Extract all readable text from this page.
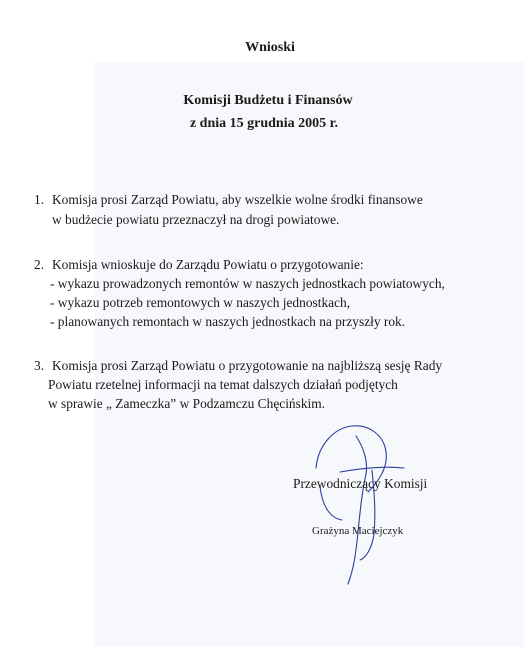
Wnioski
Komisji Budżetu i Finansów
z dnia 15 grudnia 2005 r.
1. Komisja prosi Zarząd Powiatu, aby wszelkie wolne środki finansowe
w budżecie powiatu przeznaczył na drogi powiatowe.
2. Komisja wnioskuje do Zarządu Powiatu o przygotowanie:
- wykazu prowadzonych remontów w naszych jednostkach powiatowych,
- wykazu potrzeb remontowych w naszych jednostkach,
- planowanych remontach w naszych jednostkach na przyszły rok.
3. Komisja prosi Zarząd Powiatu o przygotowanie na najbliższą sesję Rady
Powiatu rzetelnej informacji na temat dalszych działań podjętych
w sprawie „ Zameczka” w Podzamczu Chęcińskim.
Przewodniczący Komisji
Grażyna Maciejczyk
